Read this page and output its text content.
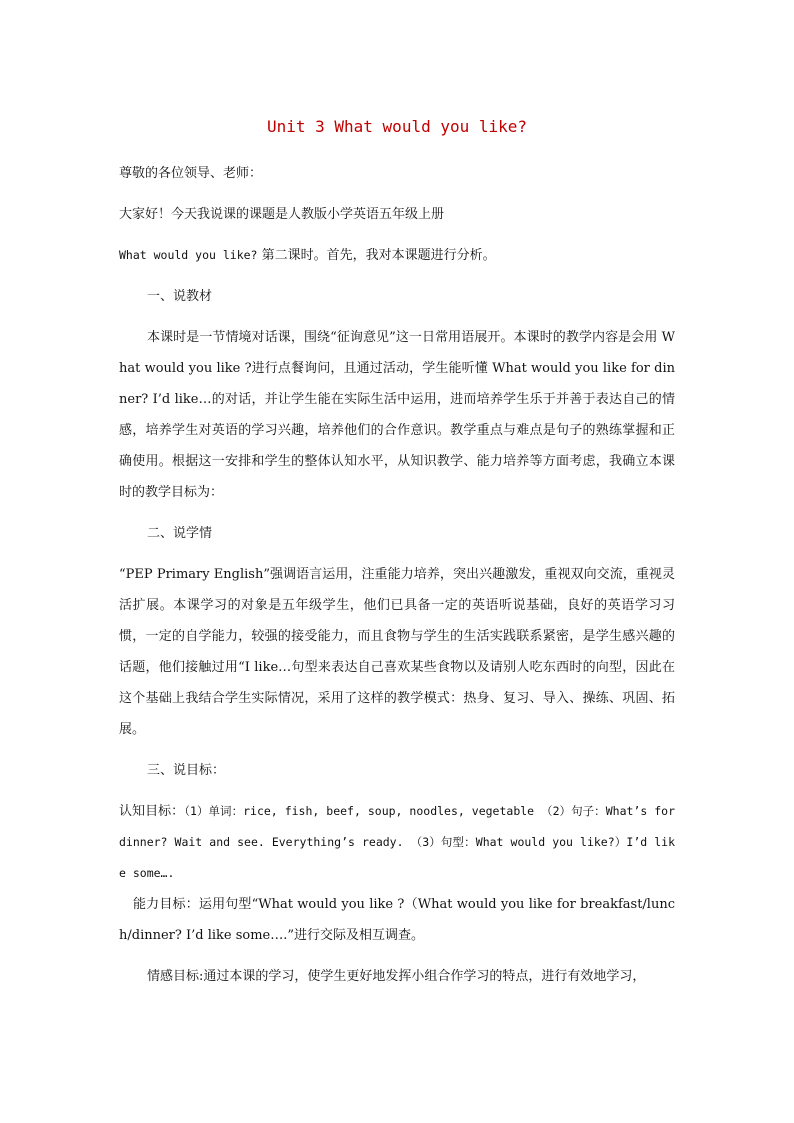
Unit 3 What would you like?

尊敬的各位领导、老师：

大家好！今天我说课的课题是人教版小学英语五年级上册

What would you like? 第二课时。首先，我对本课题进行分析。

一、说教材

本课时是一节情境对话课，围绕“征询意见”这一日常用语展开。本课时的教学内容是会用 What would you like ?进行点餐询问，且通过活动，学生能听懂 What would you like for dinner? I’d like…的对话，并让学生能在实际生活中运用，进而培养学生乐于并善于表达自己的情感，培养学生对英语的学习兴趣，培养他们的合作意识。教学重点与难点是句子的熟练掌握和正确使用。根据这一安排和学生的整体认知水平，从知识教学、能力培养等方面考虑，我确立本课时的教学目标为：

二、说学情

“PEP Primary English”强调语言运用，注重能力培养，突出兴趣激发，重视双向交流，重视灵活扩展。本课学习的对象是五年级学生，他们已具备一定的英语听说基础，良好的英语学习习惯，一定的自学能力，较强的接受能力，而且食物与学生的生活实践联系紧密，是学生感兴趣的话题，他们接触过用“I like…句型来表达自己喜欢某些食物以及请别人吃东西时的向型，因此在这个基础上我结合学生实际情况，采用了这样的教学模式：热身、复习、导入、操练、巩固、拓展。

三、说目标：

认知目标：（1）单词：rice, fish, beef, soup, noodles, vegetable （2）句子：What’s for dinner? Wait and see. Everything’s ready. （3）句型：What would you like?）I’d like some….

能力目标：运用句型“What would you like ?（What would you like for breakfast/lunch/dinner? I’d like some….”进行交际及相互调查。

情感目标:通过本课的学习，使学生更好地发挥小组合作学习的特点，进行有效地学习，
